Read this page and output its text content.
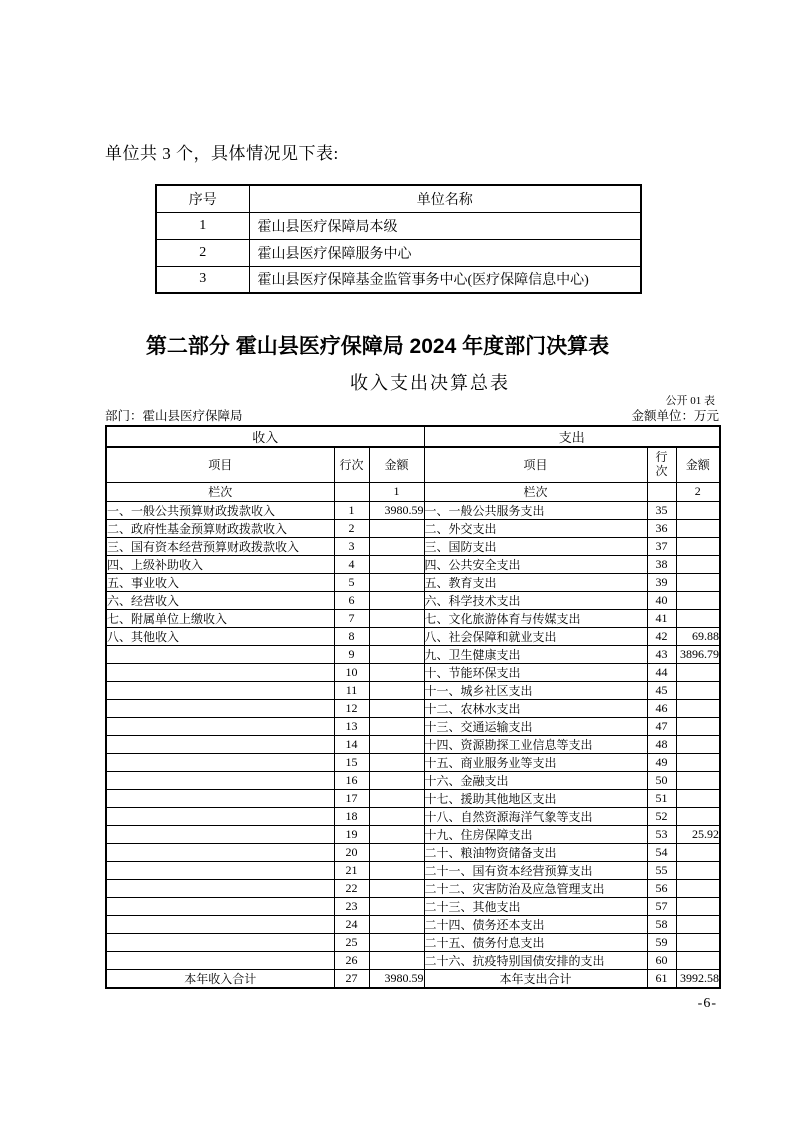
单位共 3 个，具体情况见下表:

序号	单位名称
1	霍山县医疗保障局本级
2	霍山县医疗保障服务中心
3	霍山县医疗保障基金监管事务中心(医疗保障信息中心)
第二部分 霍山县医疗保障局 2024 年度部门决算表
收入支出决算总表
公开 01 表
部门：霍山县医疗保障局	金额单位：万元
收入			支出		
项目	行次	金额	项目	行次	金额
栏次		1	栏次		2
一、一般公共预算财政拨款收入	1	3980.59	一、一般公共服务支出	35	
二、政府性基金预算财政拨款收入	2		二、外交支出	36	
三、国有资本经营预算财政拨款收入	3		三、国防支出	37	
四、上级补助收入	4		四、公共安全支出	38	
五、事业收入	5		五、教育支出	39	
六、经营收入	6		六、科学技术支出	40	
七、附属单位上缴收入	7		七、文化旅游体育与传媒支出	41	
八、其他收入	8		八、社会保障和就业支出	42	69.88
	9		九、卫生健康支出	43	3896.79
	10		十、节能环保支出	44	
	11		十一、城乡社区支出	45	
	12		十二、农林水支出	46	
	13		十三、交通运输支出	47	
	14		十四、资源勘探工业信息等支出	48	
	15		十五、商业服务业等支出	49	
	16		十六、金融支出	50	
	17		十七、援助其他地区支出	51	
	18		十八、自然资源海洋气象等支出	52	
	19		十九、住房保障支出	53	25.92
	20		二十、粮油物资储备支出	54	
	21		二十一、国有资本经营预算支出	55	
	22		二十二、灾害防治及应急管理支出	56	
	23		二十三、其他支出	57	
	24		二十四、债务还本支出	58	
	25		二十五、债务付息支出	59	
	26		二十六、抗疫特别国债安排的支出	60	
本年收入合计	27	3980.59	本年支出合计	61	3992.58
-6-
